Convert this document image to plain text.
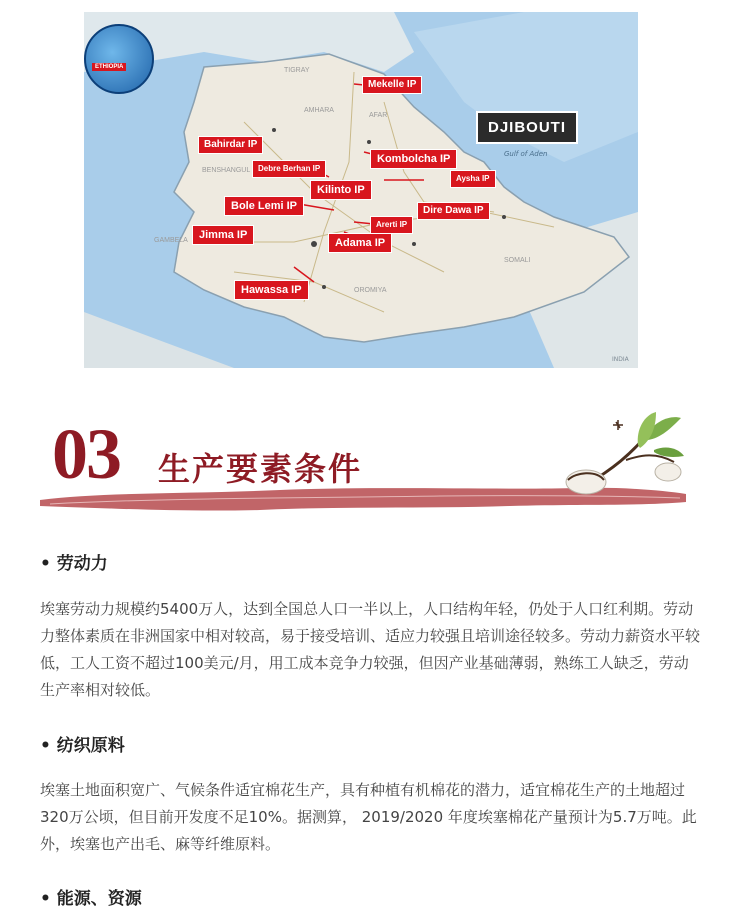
TIGRAY
AMHARA
AFAR
BENSHANGUL
GAMBELA
OROMIYA
SOMALI
ETHIOPIA
Mekelle IP
Bahirdar IP
Debre Berhan IP
Kombolcha IP
Kilinto IP
Aysha IP
Bole Lemi IP
Arerti IP
Dire Dawa IP
Jimma IP
Adama IP
Hawassa IP
DJIBOUTI
Gulf of Aden
INDIA
03 生产要素条件
• 劳动力
埃塞劳动力规模约5400万人，达到全国总人口一半以上，人口结构年轻，仍处于人口红利期。劳动力整体素质在非洲国家中相对较高，易于接受培训、适应力较强且培训途径较多。劳动力薪资水平较低，工人工资不超过100美元/月，用工成本竞争力较强，但因产业基础薄弱，熟练工人缺乏，劳动生产率相对较低。
• 纺织原料
埃塞土地面积宽广、气候条件适宜棉花生产，具有种植有机棉花的潜力，适宜棉花生产的土地超过320万公顷，但目前开发度不足10%。据测算， 2019/2020 年度埃塞棉花产量预计为5.7万吨。此外，埃塞也产出毛、麻等纤维原料。
• 能源、资源
